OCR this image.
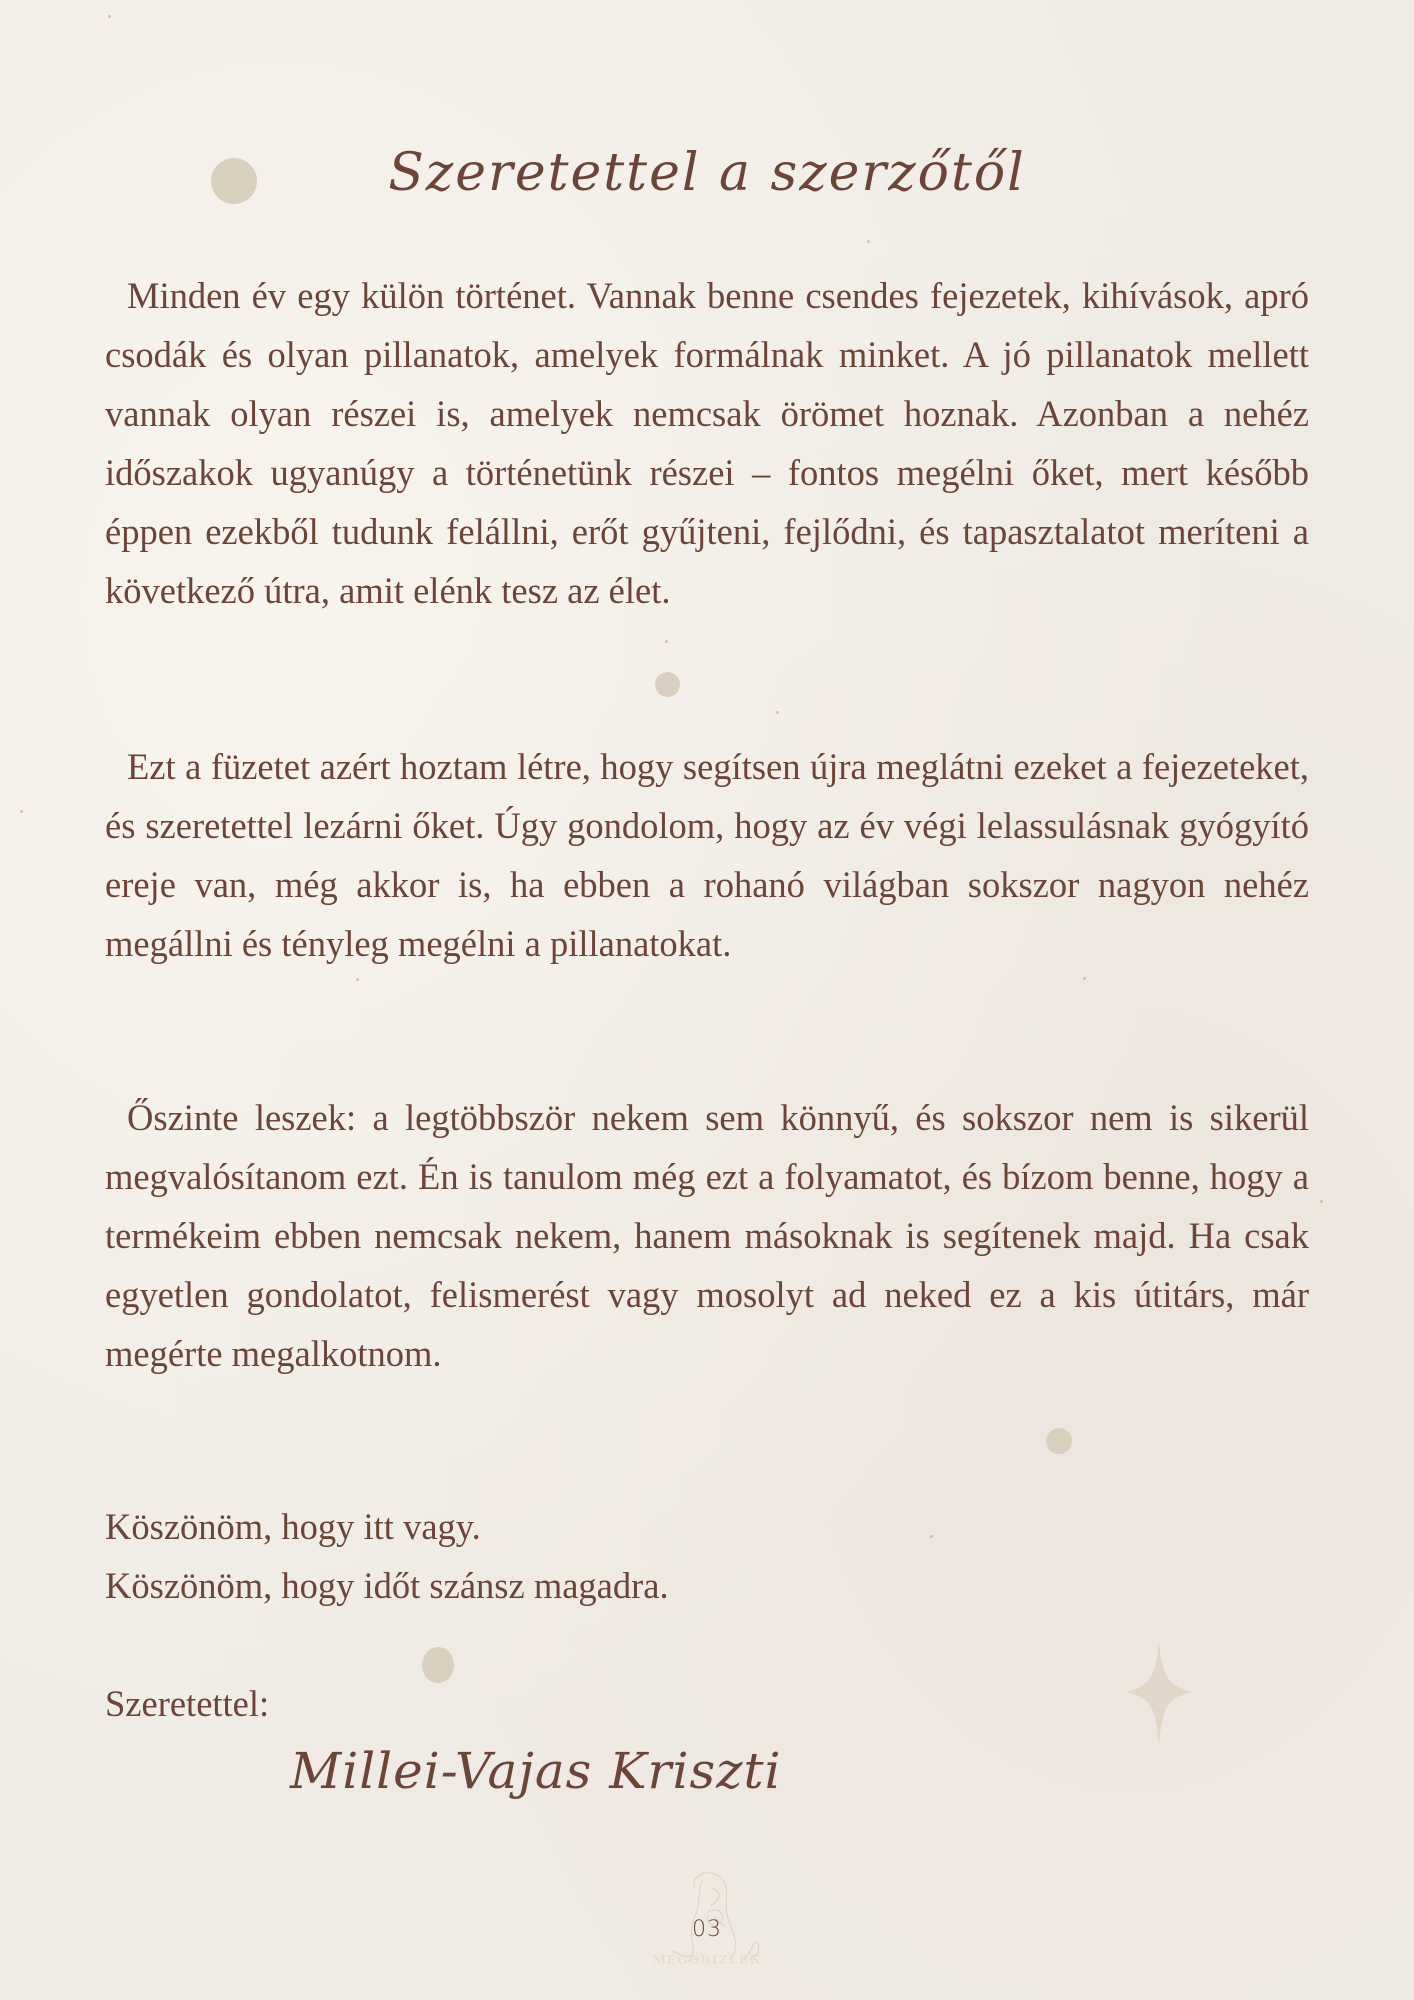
Szeretettel a szerzőtől

Minden év egy külön történet. Vannak benne csendes fejezetek, kihívások, apró csodák és olyan pillanatok, amelyek formálnak minket. A jó pillanatok mellett vannak olyan részei is, amelyek nemcsak örömet hoznak. Azonban a nehéz időszakok ugyanúgy a történetünk részei – fontos megélni őket, mert később éppen ezekből tudunk felállni, erőt gyűjteni, fejlődni, és tapasztalatot meríteni a következő útra, amit elénk tesz az élet.

Ezt a füzetet azért hoztam létre, hogy segítsen újra meglátni ezeket a fejezeteket, és szeretettel lezárni őket. Úgy gondolom, hogy az év végi lelassulásnak gyógyító ereje van, még akkor is, ha ebben a rohanó világban sokszor nagyon nehéz megállni és tényleg megélni a pillanatokat.

Őszinte leszek: a legtöbbször nekem sem könnyű, és sokszor nem is sikerül megvalósítanom ezt. Én is tanulom még ezt a folyamatot, és bízom benne, hogy a termékeim ebben nemcsak nekem, hanem másoknak is segítenek majd. Ha csak egyetlen gondolatot, felismerést vagy mosolyt ad neked ez a kis útitárs, már megérte megalkotnom.

Köszönöm, hogy itt vagy.
Köszönöm, hogy időt szánsz magadra.
Szeretettel:
Millei-Vajas Kriszti
03
MEGŐRIZLEK
